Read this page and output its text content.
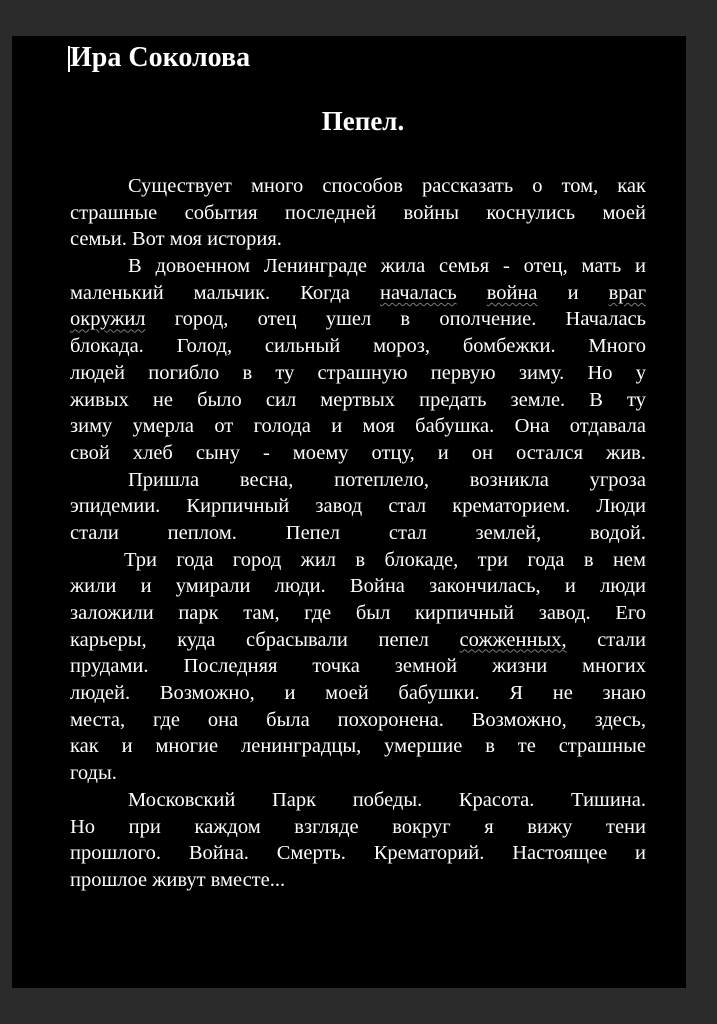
Ира Соколова
Пепел.
Существует много способов рассказать о том, как
страшные события последней войны коснулись моей
семьи. Вот моя история.
В довоенном Ленинграде жила семья - отец, мать и
маленький мальчик. Когда началась война и враг
окружил город, отец ушел в ополчение. Началась
блокада. Голод, сильный мороз, бомбежки. Много
людей погибло в ту страшную первую зиму. Но у
живых не было сил мертвых предать земле. В ту
зиму умерла от голода и моя бабушка. Она отдавала
свой хлеб сыну - моему отцу, и он остался жив.
Пришла весна, потеплело, возникла угроза
эпидемии. Кирпичный завод стал крематорием. Люди
стали пеплом. Пепел стал землей, водой.
Три года город жил в блокаде, три года в нем
жили и умирали люди. Война закончилась, и люди
заложили парк там, где был кирпичный завод. Его
карьеры, куда сбрасывали пепел сожженных, стали
прудами. Последняя точка земной жизни многих
людей. Возможно, и моей бабушки. Я не знаю
места, где она была похоронена. Возможно, здесь,
как и многие ленинградцы, умершие в те страшные
годы.
Московский Парк победы. Красота. Тишина.
Но при каждом взгляде вокруг я вижу тени
прошлого. Война. Смерть. Крематорий. Настоящее и
прошлое живут вместе...
